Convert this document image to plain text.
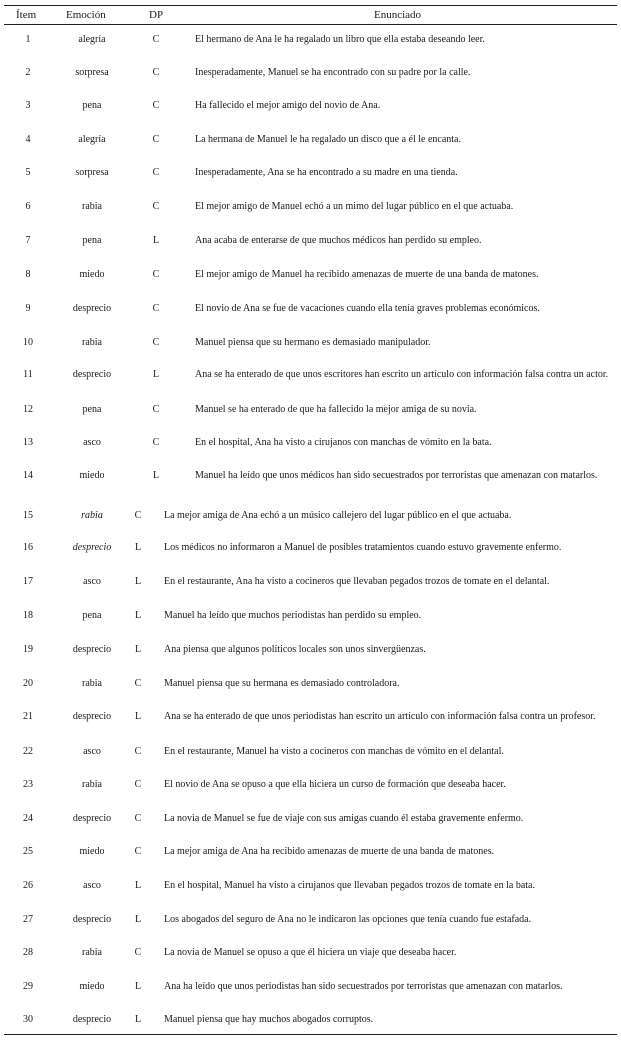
Ítem	Emoción	DP	Enunciado
1	alegría	C	El hermano de Ana le ha regalado un libro que ella estaba deseando leer.
2	sorpresa	C	Inesperadamente, Manuel se ha encontrado con su padre por la calle.
3	pena	C	Ha fallecido el mejor amigo del novio de Ana.
4	alegría	C	La hermana de Manuel le ha regalado un disco que a él le encanta.
5	sorpresa	C	Inesperadamente, Ana se ha encontrado a su madre en una tienda.
6	rabia	C	El mejor amigo de Manuel echó a un mimo del lugar público en el que actuaba.
7	pena	L	Ana acaba de enterarse de que muchos médicos han perdido su empleo.
8	miedo	C	El mejor amigo de Manuel ha recibido amenazas de muerte de una banda de matones.
9	desprecio	C	El novio de Ana se fue de vacaciones cuando ella tenía graves problemas económicos.
10	rabia	C	Manuel piensa que su hermano es demasiado manipulador.
11	desprecio	L	Ana se ha enterado de que unos escritores han escrito un artículo con información falsa contra un actor.
12	pena	C	Manuel se ha enterado de que ha fallecido la mejor amiga de su novia.
13	asco	C	En el hospital, Ana ha visto a cirujanos con manchas de vómito en la bata.
14	miedo	L	Manuel ha leído que unos médicos han sido secuestrados por terroristas que amenazan con matarlos.
15	rabia	C	La mejor amiga de Ana echó a un músico callejero del lugar público en el que actuaba.
16	desprecio	L	Los médicos no informaron a Manuel de posibles tratamientos cuando estuvo gravemente enfermo.
17	asco	L	En el restaurante, Ana ha visto a cocineros que llevaban pegados trozos de tomate en el delantal.
18	pena	L	Manuel ha leído que muchos periodistas han perdido su empleo.
19	desprecio	L	Ana piensa que algunos políticos locales son unos sinvergüenzas.
20	rabia	C	Manuel piensa que su hermana es demasiado controladora.
21	desprecio	L	Ana se ha enterado de que unos periodistas han escrito un artículo con información falsa contra un profesor.
22	asco	C	En el restaurante, Manuel ha visto a cocineros con manchas de vómito en el delantal.
23	rabia	C	El novio de Ana se opuso a que ella hiciera un curso de formación que deseaba hacer.
24	desprecio	C	La novia de Manuel se fue de viaje con sus amigas cuando él estaba gravemente enfermo.
25	miedo	C	La mejor amiga de Ana ha recibido amenazas de muerte de una banda de matones.
26	asco	L	En el hospital, Manuel ha visto a cirujanos que llevaban pegados trozos de tomate en la bata.
27	desprecio	L	Los abogados del seguro de Ana no le indicaron las opciones que tenía cuando fue estafada.
28	rabia	C	La novia de Manuel se opuso a que él hiciera un viaje que deseaba hacer.
29	miedo	L	Ana ha leído que unos periodistas han sido secuestrados por terroristas que amenazan con matarlos.
30	desprecio	L	Manuel piensa que hay muchos abogados corruptos.
